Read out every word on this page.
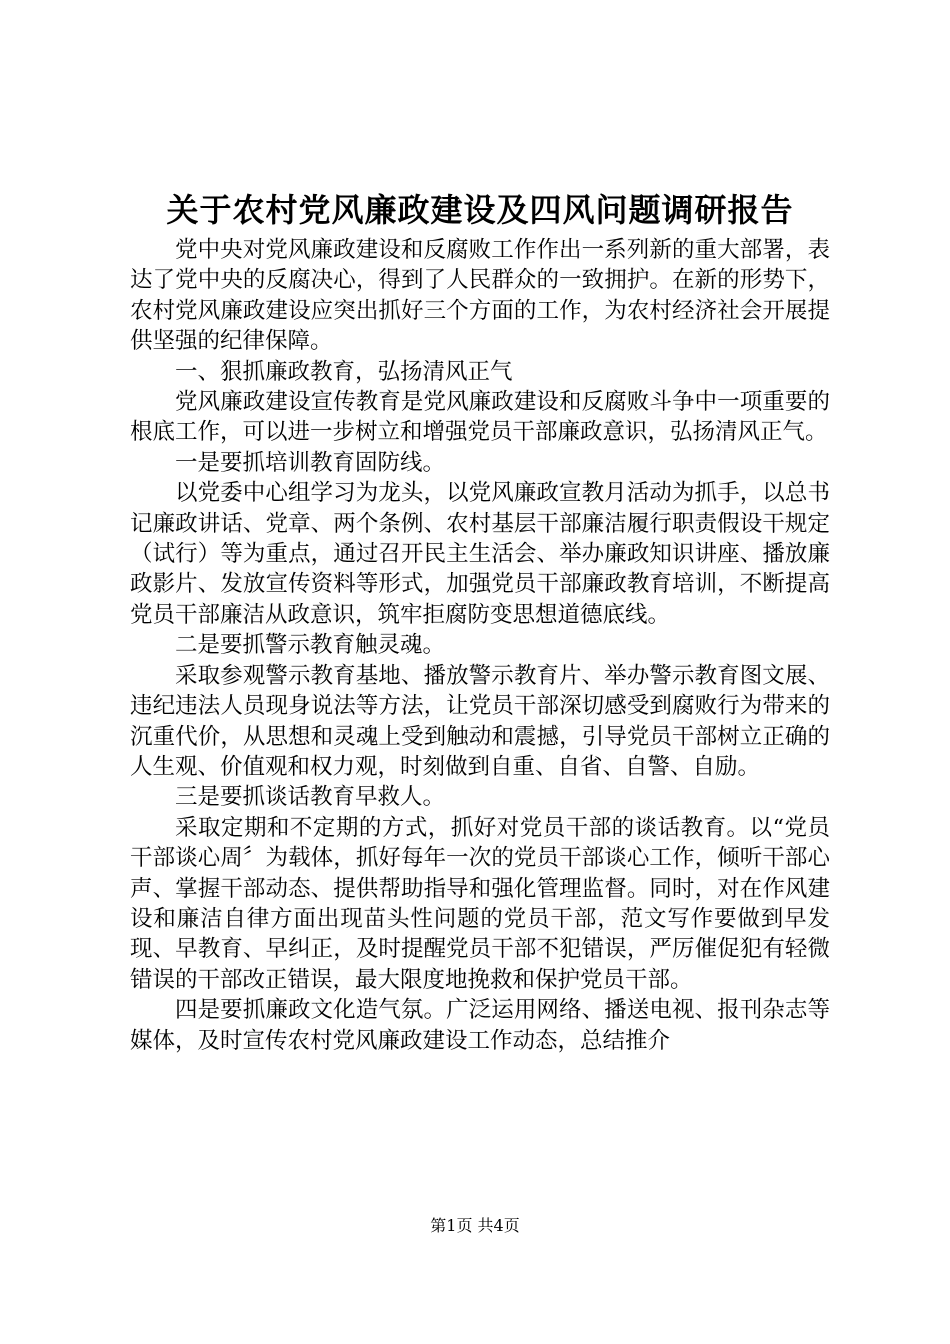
关于农村党风廉政建设及四风问题调研报告

党中央对党风廉政建设和反腐败工作作出一系列新的重大部署，表达了党中央的反腐决心，得到了人民群众的一致拥护。在新的形势下，农村党风廉政建设应突出抓好三个方面的工作，为农村经济社会开展提供坚强的纪律保障。

一、狠抓廉政教育，弘扬清风正气

党风廉政建设宣传教育是党风廉政建设和反腐败斗争中一项重要的根底工作，可以进一步树立和增强党员干部廉政意识，弘扬清风正气。

一是要抓培训教育固防线。

以党委中心组学习为龙头，以党风廉政宣教月活动为抓手，以总书记廉政讲话、党章、两个条例、农村基层干部廉洁履行职责假设干规定（试行）等为重点，通过召开民主生活会、举办廉政知识讲座、播放廉政影片、发放宣传资料等形式，加强党员干部廉政教育培训，不断提高党员干部廉洁从政意识，筑牢拒腐防变思想道德底线。

二是要抓警示教育触灵魂。

采取参观警示教育基地、播放警示教育片、举办警示教育图文展、违纪违法人员现身说法等方法，让党员干部深切感受到腐败行为带来的沉重代价，从思想和灵魂上受到触动和震撼，引导党员干部树立正确的人生观、价值观和权力观，时刻做到自重、自省、自警、自励。

三是要抓谈话教育早救人。

采取定期和不定期的方式，抓好对党员干部的谈话教育。以“党员干部谈心周〞为载体，抓好每年一次的党员干部谈心工作，倾听干部心声、掌握干部动态、提供帮助指导和强化管理监督。同时，对在作风建设和廉洁自律方面出现苗头性问题的党员干部，范文写作要做到早发现、早教育、早纠正，及时提醒党员干部不犯错误，严厉催促犯有轻微错误的干部改正错误，最大限度地挽救和保护党员干部。

四是要抓廉政文化造气氛。广泛运用网络、播送电视、报刊杂志等媒体，及时宣传农村党风廉政建设工作动态，总结推介

第1页 共4页
